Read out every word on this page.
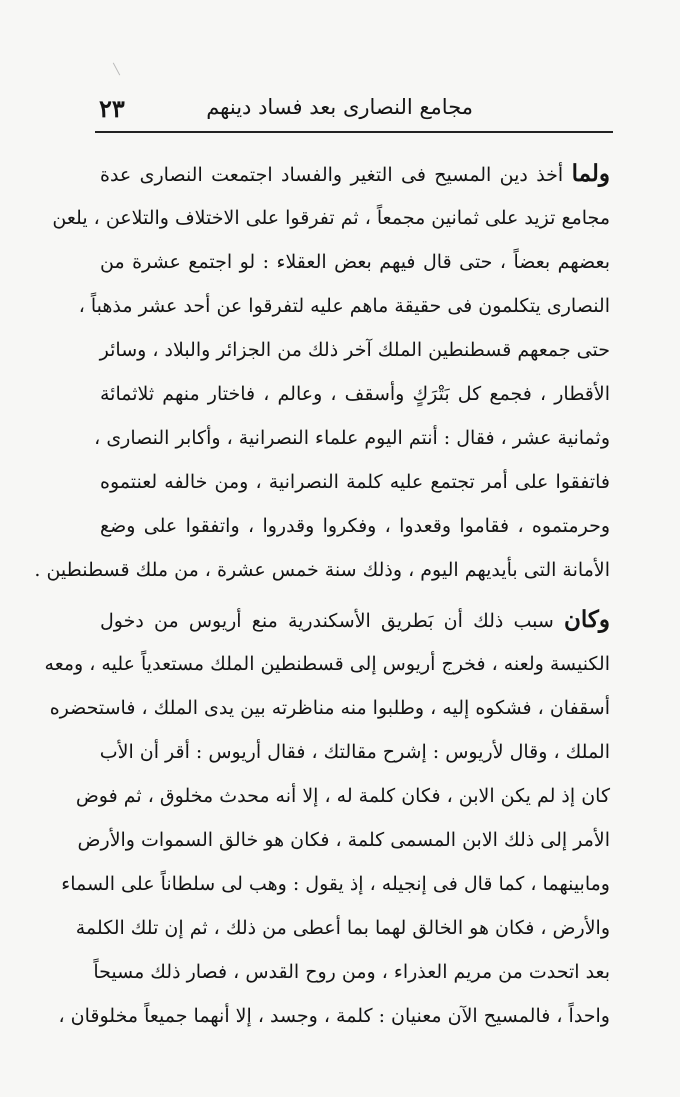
مجامع النصارى بعد فساد دينهم
٢٣
ولما أخذ دين المسيح فى التغير والفساد اجتمعت النصارى عدة
مجامع تزيد على ثمانين مجمعاً ، ثم تفرقوا على الاختلاف والتلاعن ، يلعن
بعضهم بعضاً ، حتى قال فيهم بعض العقلاء : لو اجتمع عشرة من
النصارى يتكلمون فى حقيقة ماهم عليه لتفرقوا عن أحد عشر مذهباً ،
حتى جمعهم قسطنطين الملك آخر ذلك من الجزائر والبلاد ، وسائر
الأقطار ، فجمع كل بَتْرَكٍ وأسقف ، وعالم ، فاختار منهم ثلاثمائة
وثمانية عشر ، فقال : أنتم اليوم علماء النصرانية ، وأكابر النصارى ،
فاتفقوا على أمر تجتمع عليه كلمة النصرانية ، ومن خالفه لعنتموه
وحرمتموه ، فقاموا وقعدوا ، وفكروا وقدروا ، واتفقوا على وضع
الأمانة التى بأيديهم اليوم ، وذلك سنة خمس عشرة ، من ملك قسطنطين .
وكان سبب ذلك أن بَطريق الأسكندرية منع أريوس من دخول
الكنيسة ولعنه ، فخرج أريوس إلى قسطنطين الملك مستعدياً عليه ، ومعه
أسقفان ، فشكوه إليه ، وطلبوا منه مناظرته بين يدى الملك ، فاستحضره
الملك ، وقال لأريوس : إشرح مقالتك ، فقال أريوس : أقر أن الأب
كان إذ لم يكن الابن ، فكان كلمة له ، إلا أنه محدث مخلوق ، ثم فوض
الأمر إلى ذلك الابن المسمى كلمة ، فكان هو خالق السموات والأرض
ومابينهما ، كما قال فى إنجيله ، إذ يقول : وهب لى سلطاناً على السماء
والأرض ، فكان هو الخالق لهما بما أعطى من ذلك ، ثم إن تلك الكلمة
بعد اتحدت من مريم العذراء ، ومن روح القدس ، فصار ذلك مسيحاً
واحداً ، فالمسيح الآن معنيان : كلمة ، وجسد ، إلا أنهما جميعاً مخلوقان ،
